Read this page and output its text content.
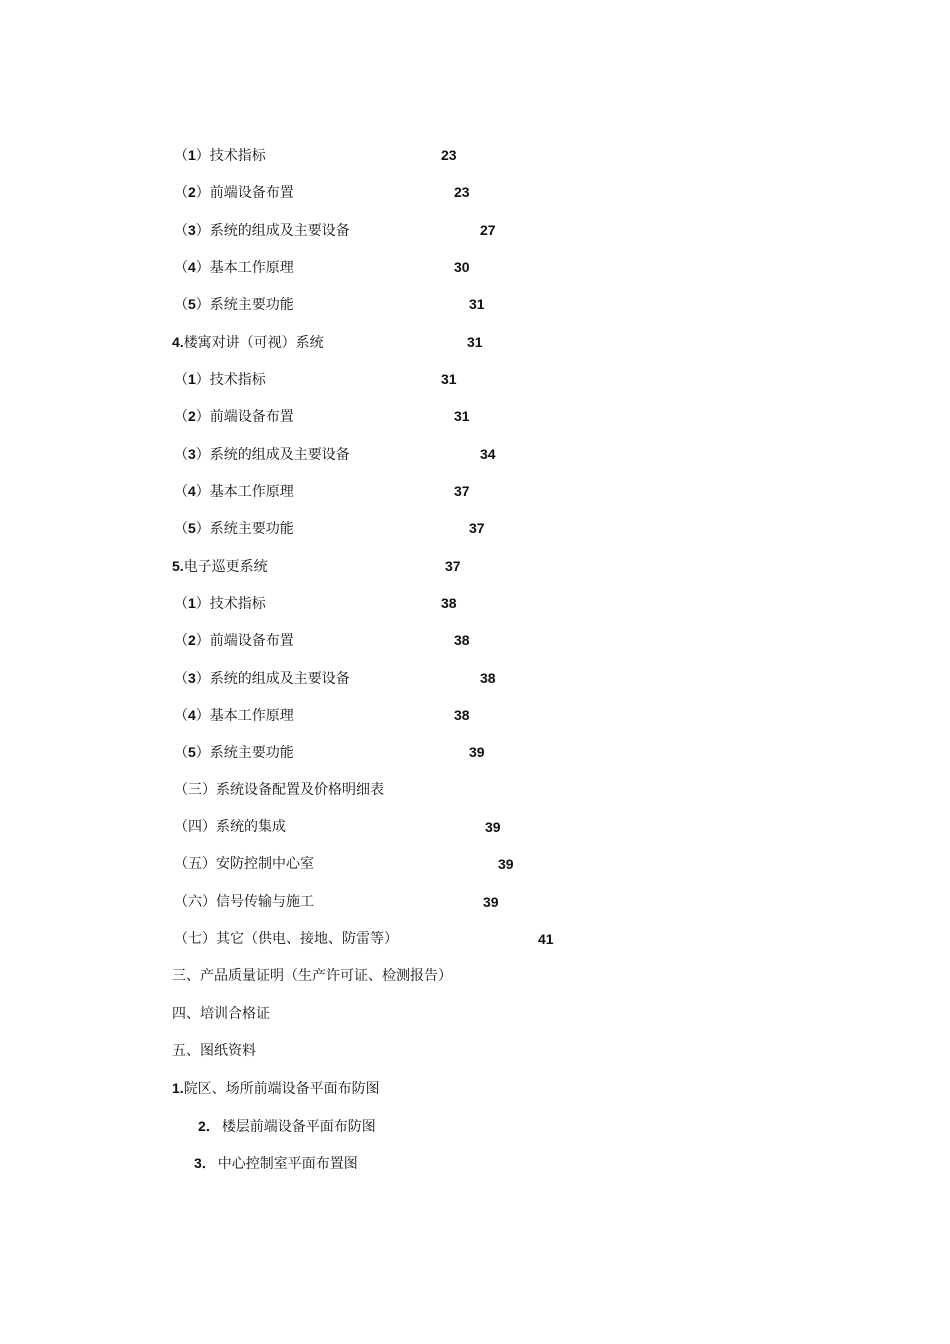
（1）技术指标	23
（2）前端设备布置	23
（3）系统的组成及主要设备	27
（4）基本工作原理	30
（5）系统主要功能	31
4.楼寓对讲（可视）系统	31
（1）技术指标	31
（2）前端设备布置	31
（3）系统的组成及主要设备	34
（4）基本工作原理	37
（5）系统主要功能	37
5.电子巡更系统	37
（1）技术指标	38
（2）前端设备布置	38
（3）系统的组成及主要设备	38
（4）基本工作原理	38
（5）系统主要功能	39
（三）系统设备配置及价格明细表
（四）系统的集成	39
（五）安防控制中心室	39
（六）信号传输与施工	39
（七）其它（供电、接地、防雷等）	41
三、产品质量证明（生产许可证、检测报告）
四、培训合格证
五、图纸资料
1.院区、场所前端设备平面布防图
2． 楼层前端设备平面布防图
3． 中心控制室平面布置图
